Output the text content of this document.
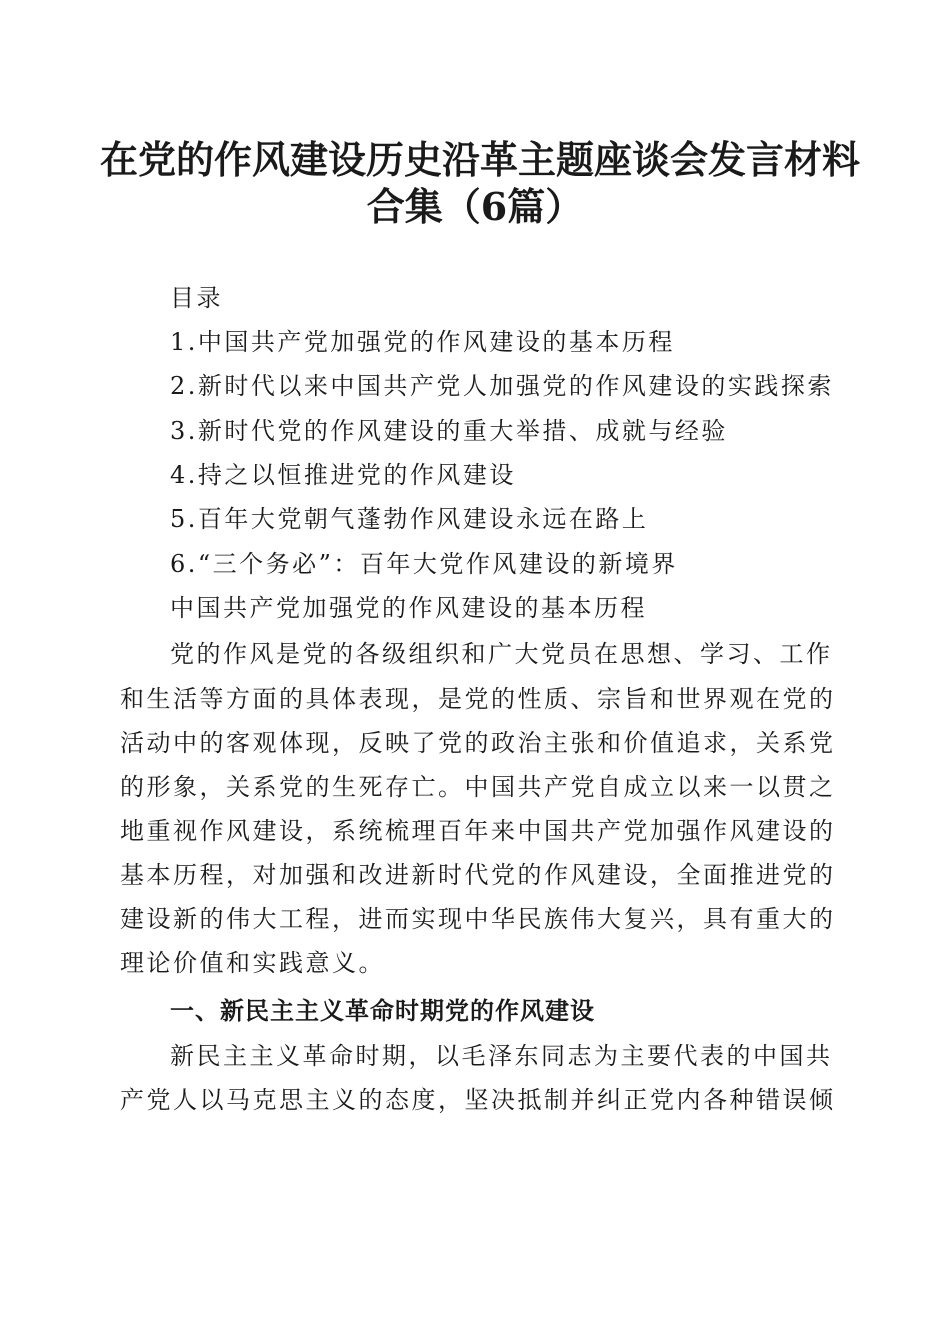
在党的作风建设历史沿革主题座谈会发言材料
合集（6篇）

目录

1.中国共产党加强党的作风建设的基本历程

2.新时代以来中国共产党人加强党的作风建设的实践探索

3.新时代党的作风建设的重大举措、成就与经验

4.持之以恒推进党的作风建设

5.百年大党朝气蓬勃作风建设永远在路上

6.“三个务必”：百年大党作风建设的新境界

中国共产党加强党的作风建设的基本历程

党的作风是党的各级组织和广大党员在思想、学习、工作

和生活等方面的具体表现，是党的性质、宗旨和世界观在党的

活动中的客观体现，反映了党的政治主张和价值追求，关系党

的形象，关系党的生死存亡。中国共产党自成立以来一以贯之

地重视作风建设，系统梳理百年来中国共产党加强作风建设的

基本历程，对加强和改进新时代党的作风建设，全面推进党的

建设新的伟大工程，进而实现中华民族伟大复兴，具有重大的

理论价值和实践意义。

一、新民主主义革命时期党的作风建设

新民主主义革命时期，以毛泽东同志为主要代表的中国共

产党人以马克思主义的态度，坚决抵制并纠正党内各种错误倾
